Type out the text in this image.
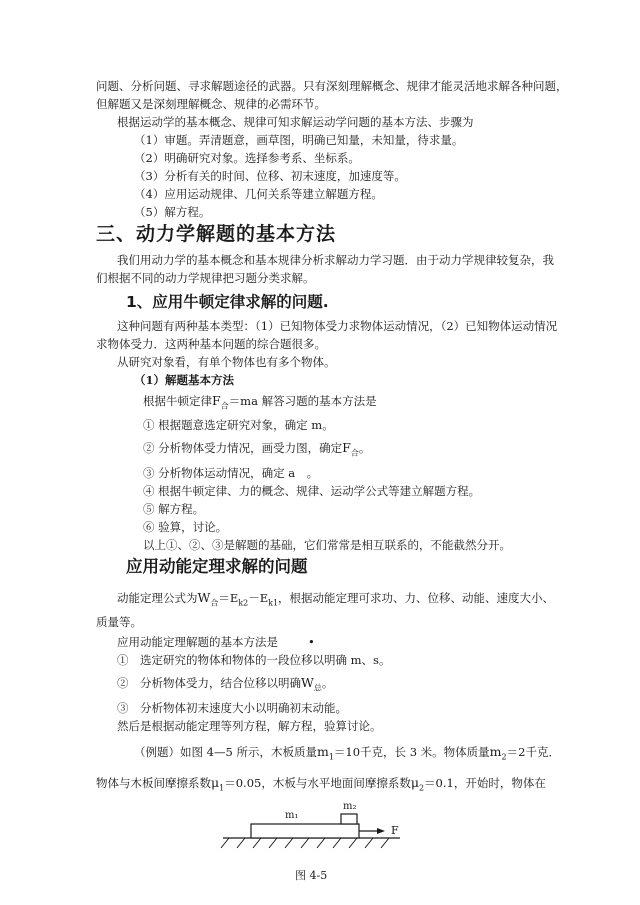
问题、分析问题、寻求解题途径的武器。只有深刻理解概念、规律才能灵活地求解各种问题，
但解题又是深刻理解概念、规律的必需环节。
根据运动学的基本概念、规律可知求解运动学问题的基本方法、步骤为
（1）审题。弄清题意，画草图，明确已知量，未知量，待求量。
（2）明确研究对象。选择参考系、坐标系。
（3）分析有关的时间、位移、初末速度，加速度等。
（4）应用运动规律、几何关系等建立解题方程。
（5）解方程。
三、动力学解题的基本方法
我们用动力学的基本概念和基本规律分析求解动力学习题．由于动力学规律较复杂，我
们根据不同的动力学规律把习题分类求解。
1、应用牛顿定律求解的问题.
这种问题有两种基本类型：（1）已知物体受力求物体运动情况，（2）已知物体运动情况
求物体受力．这两种基本问题的综合题很多。
从研究对象看，有单个物体也有多个物体。
（1）解题基本方法
根据牛顿定律$F_合=ma$ 解答习题的基本方法是
① 根据题意选定研究对象，确定 m。
② 分析物体受力情况，画受力图，确定$F_合$。
③ 分析物体运动情况，确定 a　。
④ 根据牛顿定律、力的概念、规律、运动学公式等建立解题方程。
⑤ 解方程。
⑥ 验算，讨论。
以上①、②、③是解题的基础，它们常常是相互联系的，不能截然分开。
应用动能定理求解的问题
动能定理公式为$W_合=E_{k2}-E_{k1}$，根据动能定理可求功、力、位移、动能、速度大小、
质量等。
应用动能定理解题的基本方法是	•
①　选定研究的物体和物体的一段位移以明确 m、s。
②　分析物体受力，结合位移以明确$W_总$。
③　分析物体初末速度大小以明确初末动能。
然后是根据动能定理等列方程，解方程，验算讨论。
（例题）如图 4—5 所示，木板质量$m_1=10$千克，长 3 米。物体质量$m_2=2$千克．
物体与木板间摩擦系数$\mu_1=0.05$，木板与水平地面间摩擦系数$\mu_2=0.1$，开始时，物体在
m₁
m₂
F
图 4-5
